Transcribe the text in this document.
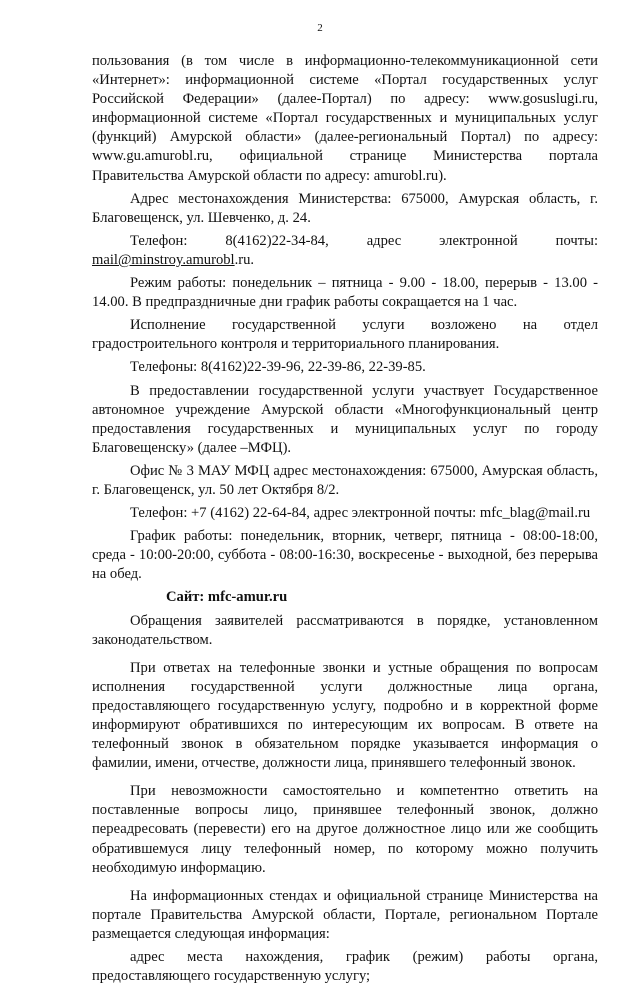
2

пользования (в том числе в информационно-телекоммуникационной сети «Интернет»: информационной системе «Портал государственных услуг Российской Федерации» (далее-Портал) по адресу: www.gosuslugi.ru, информационной системе «Портал государственных и муниципальных услуг (функций) Амурской области» (далее-региональный Портал) по адресу: www.gu.amurobl.ru, официальной странице Министерства портала Правительства Амурской области по адресу: amurobl.ru).

Адрес местонахождения Министерства: 675000, Амурская область, г. Благовещенск, ул. Шевченко, д. 24.

Телефон: 8(4162)22-34-84, адрес электронной почты:

mail@minstroy.amurobl.ru.

Режим работы: понедельник – пятница - 9.00 - 18.00, перерыв - 13.00 - 14.00. В предпраздничные дни график работы сокращается на 1 час.

Исполнение государственной услуги возложено на отдел градостроительного контроля и территориального планирования.

Телефоны: 8(4162)22-39-96, 22-39-86, 22-39-85.

В предоставлении государственной услуги участвует Государственное автономное учреждение Амурской области «Многофункциональный центр предоставления государственных и муниципальных услуг по городу Благовещенску» (далее –МФЦ).

Офис № 3 МАУ МФЦ адрес местонахождения: 675000, Амурская область, г. Благовещенск, ул. 50 лет Октября 8/2.

Телефон: +7 (4162) 22-64-84, адрес электронной почты: mfc_blag@mail.ru

График работы: понедельник, вторник, четверг, пятница - 08:00-18:00, среда - 10:00-20:00, суббота - 08:00-16:30, воскресенье - выходной, без перерыва на обед.

Сайт: mfc-amur.ru

Обращения заявителей рассматриваются в порядке, установленном законодательством.

При ответах на телефонные звонки и устные обращения по вопросам исполнения государственной услуги должностные лица органа, предоставляющего государственную услугу, подробно и в корректной форме информируют обратившихся по интересующим их вопросам. В ответе на телефонный звонок в обязательном порядке указывается информация о фамилии, имени, отчестве, должности лица, принявшего телефонный звонок.

При невозможности самостоятельно и компетентно ответить на поставленные вопросы лицо, принявшее телефонный звонок, должно переадресовать (перевести) его на другое должностное лицо или же сообщить обратившемуся лицу телефонный номер, по которому можно получить необходимую информацию.

На информационных стендах и официальной странице Министерства на портале Правительства Амурской области, Портале, региональном Портале размещается следующая информация:

адрес места нахождения, график (режим) работы органа, предоставляющего государственную услугу;
